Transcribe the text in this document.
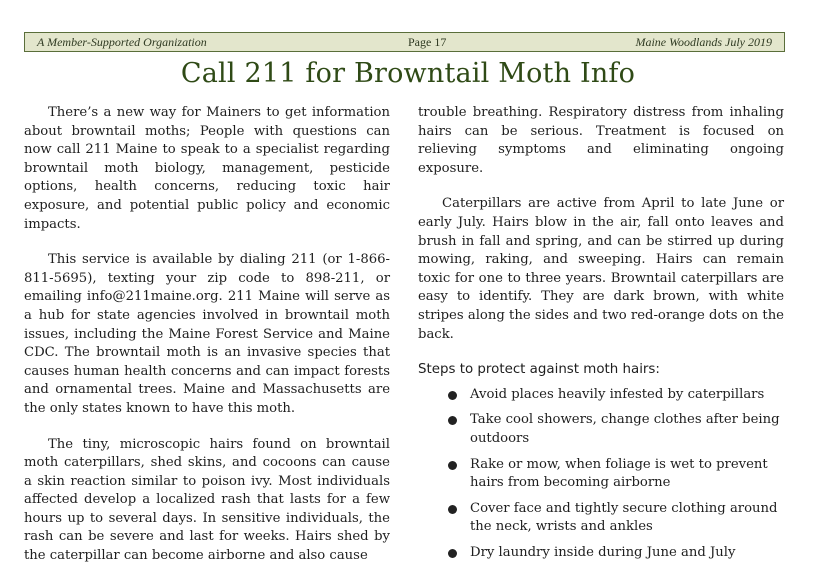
A Member-Supported Organization	Page 17	Maine Woodlands July 2019
Call 211 for Browntail Moth Info

There’s a new way for Mainers to get information about browntail moths; People with questions can now call 211 Maine to speak to a specialist regarding browntail moth biology, management, pesticide options, health concerns, reducing toxic hair exposure, and potential public policy and economic impacts.

This service is available by dialing 211 (or 1-866-811-5695), texting your zip code to 898-211, or emailing info@211maine.org. 211 Maine will serve as a hub for state agencies involved in browntail moth issues, including the Maine Forest Service and Maine CDC. The browntail moth is an invasive species that causes human health concerns and can impact forests and ornamental trees. Maine and Massachusetts are the only states known to have this moth.

The tiny, microscopic hairs found on browntail moth caterpillars, shed skins, and cocoons can cause a skin reaction similar to poison ivy. Most individuals affected develop a localized rash that lasts for a few hours up to several days. In sensitive individuals, the rash can be severe and last for weeks. Hairs shed by the caterpillar can become airborne and also cause

trouble breathing. Respiratory distress from inhaling hairs can be serious. Treatment is focused on relieving symptoms and eliminating ongoing exposure.

Caterpillars are active from April to late June or early July. Hairs blow in the air, fall onto leaves and brush in fall and spring, and can be stirred up during mowing, raking, and sweeping. Hairs can remain toxic for one to three years. Browntail caterpillars are easy to identify. They are dark brown, with white stripes along the sides and two red-orange dots on the back.

Steps to protect against moth hairs:
Avoid places heavily infested by caterpillars
Take cool showers, change clothes after being outdoors
Rake or mow, when foliage is wet to prevent hairs from becoming airborne
Cover face and tightly secure clothing around the neck, wrists and ankles
Dry laundry inside during June and July
